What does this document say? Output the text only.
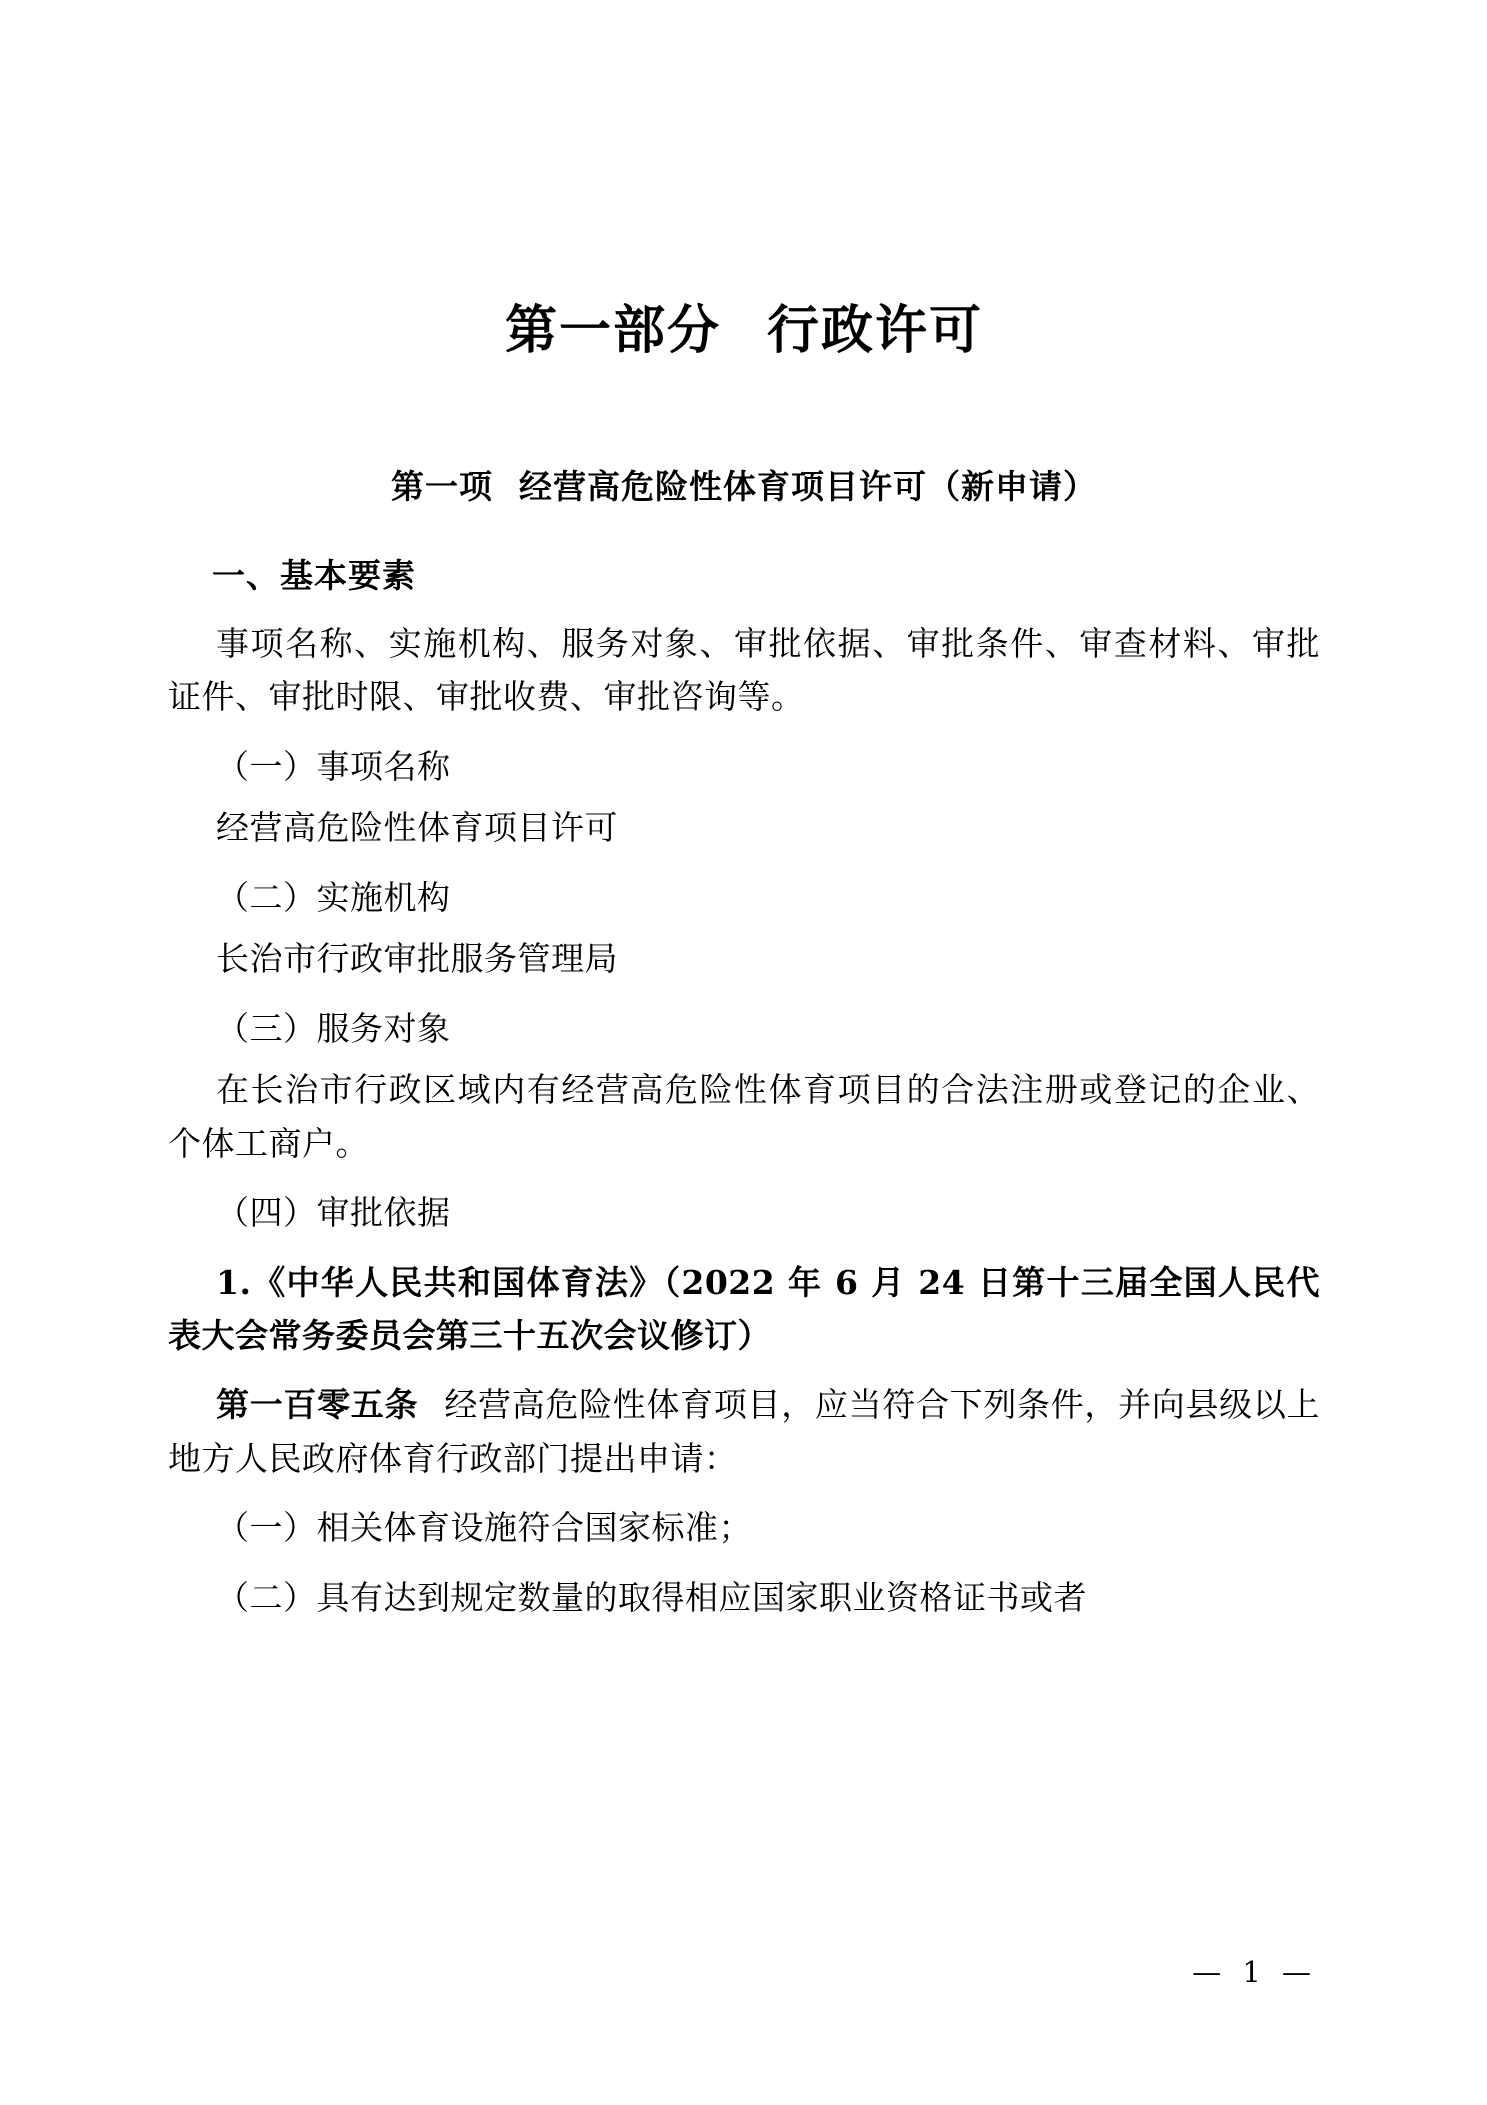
第一部分 行政许可
第一项 经营高危险性体育项目许可（新申请）
一、基本要素
事项名称、实施机构、服务对象、审批依据、审批条件、审查材料、审批证件、审批时限、审批收费、审批咨询等。
（一）事项名称
经营高危险性体育项目许可
（二）实施机构
长治市行政审批服务管理局
（三）服务对象
在长治市行政区域内有经营高危险性体育项目的合法注册或登记的企业、个体工商户。
（四）审批依据
1.《中华人民共和国体育法》（2022 年 6 月 24 日第十三届全国人民代表大会常务委员会第三十五次会议修订）
第一百零五条 经营高危险性体育项目，应当符合下列条件，并向县级以上地方人民政府体育行政部门提出申请：
（一）相关体育设施符合国家标准；
（二）具有达到规定数量的取得相应国家职业资格证书或者
— 1 —
